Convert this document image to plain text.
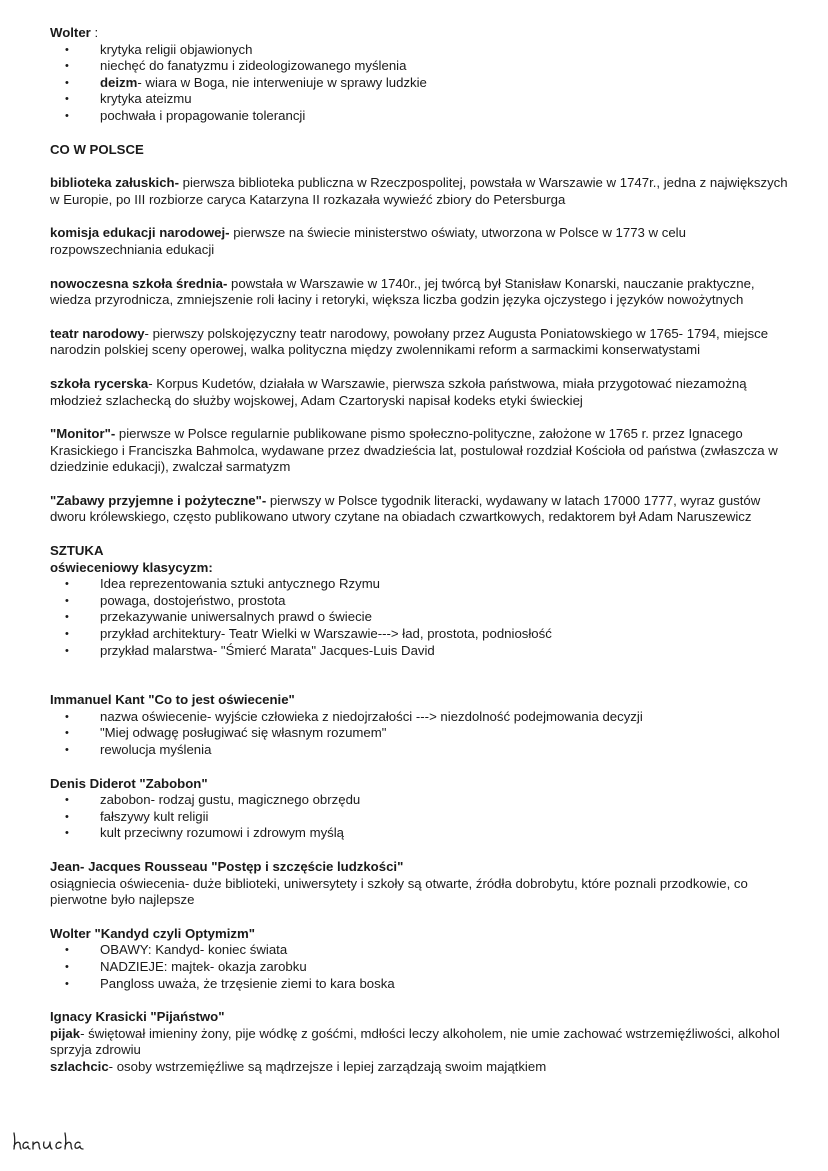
Wolter :
• krytyka religii objawionych
• niechęć do fanatyzmu i zideologizowanego myślenia
• deizm- wiara w Boga, nie interweniuje w sprawy ludzkie
• krytyka ateizmu
• pochwała i propagowanie tolerancji
CO W POLSCE

biblioteka załuskich- pierwsza biblioteka publiczna w Rzeczpospolitej, powstała w Warszawie w 1747r., jedna z największych w Europie, po III rozbiorze caryca Katarzyna II rozkazała wywieźć zbiory do Petersburga

komisja edukacji narodowej- pierwsze na świecie ministerstwo oświaty, utworzona w Polsce w 1773 w celu rozpowszechniania edukacji

nowoczesna szkoła średnia- powstała w Warszawie w 1740r., jej twórcą był Stanisław Konarski, nauczanie praktyczne, wiedza przyrodnicza, zmniejszenie roli łaciny i retoryki, większa liczba godzin języka ojczystego i języków nowożytnych

teatr narodowy- pierwszy polskojęzyczny teatr narodowy, powołany przez Augusta Poniatowskiego w 1765- 1794, miejsce narodzin polskiej sceny operowej, walka polityczna między zwolennikami reform a sarmackimi konserwatystami

szkoła rycerska- Korpus Kudetów, działała w Warszawie, pierwsza szkoła państwowa, miała przygotować niezamożną młodzież szlachecką do służby wojskowej, Adam Czartoryski napisał kodeks etyki świeckiej

"Monitor"- pierwsze w Polsce regularnie publikowane pismo społeczno-polityczne, założone w 1765 r. przez Ignacego Krasickiego i Franciszka Bahmolca, wydawane przez dwadzieścia lat, postulował rozdział Kościoła od państwa (zwłaszcza w dziedzinie edukacji), zwalczał sarmatyzm

"Zabawy przyjemne i pożyteczne"- pierwszy w Polsce tygodnik literacki, wydawany w latach 17000 1777, wyraz gustów dworu królewskiego, często publikowano utwory czytane na obiadach czwartkowych, redaktorem był Adam Naruszewicz

SZTUKA
oświeceniowy klasycyzm:
• Idea reprezentowania sztuki antycznego Rzymu
• powaga, dostojeństwo, prostota
• przekazywanie uniwersalnych prawd o świecie
• przykład architektury- Teatr Wielki w Warszawie---> ład, prostota, podniosłość
• przykład malarstwa- "Śmierć Marata" Jacques-Luis David
Immanuel Kant "Co to jest oświecenie"
• nazwa oświecenie- wyjście człowieka z niedojrzałości ---> niezdolność podejmowania decyzji
• "Miej odwagę posługiwać się własnym rozumem"
• rewolucja myślenia
Denis Diderot "Zabobon"
• zabobon- rodzaj gustu, magicznego obrzędu
• fałszywy kult religii
• kult przeciwny rozumowi i zdrowym myślą
Jean- Jacques Rousseau "Postęp i szczęście ludzkości"

osiągniecia oświecenia- duże biblioteki, uniwersytety i szkoły są otwarte, źródła dobrobytu, które poznali przodkowie, co pierwotne było najlepsze

Wolter "Kandyd czyli Optymizm"
• OBAWY: Kandyd- koniec świata
• NADZIEJE: majtek- okazja zarobku
• Pangloss uważa, że trzęsienie ziemi to kara boska
Ignacy Krasicki "Pijaństwo"

pijak- świętował imieniny żony, pije wódkę z gośćmi, mdłości leczy alkoholem, nie umie zachować wstrzemięźliwości, alkohol sprzyja zdrowiu

szlachcic- osoby wstrzemięźliwe są mądrzejsze i lepiej zarządzają swoim majątkiem
